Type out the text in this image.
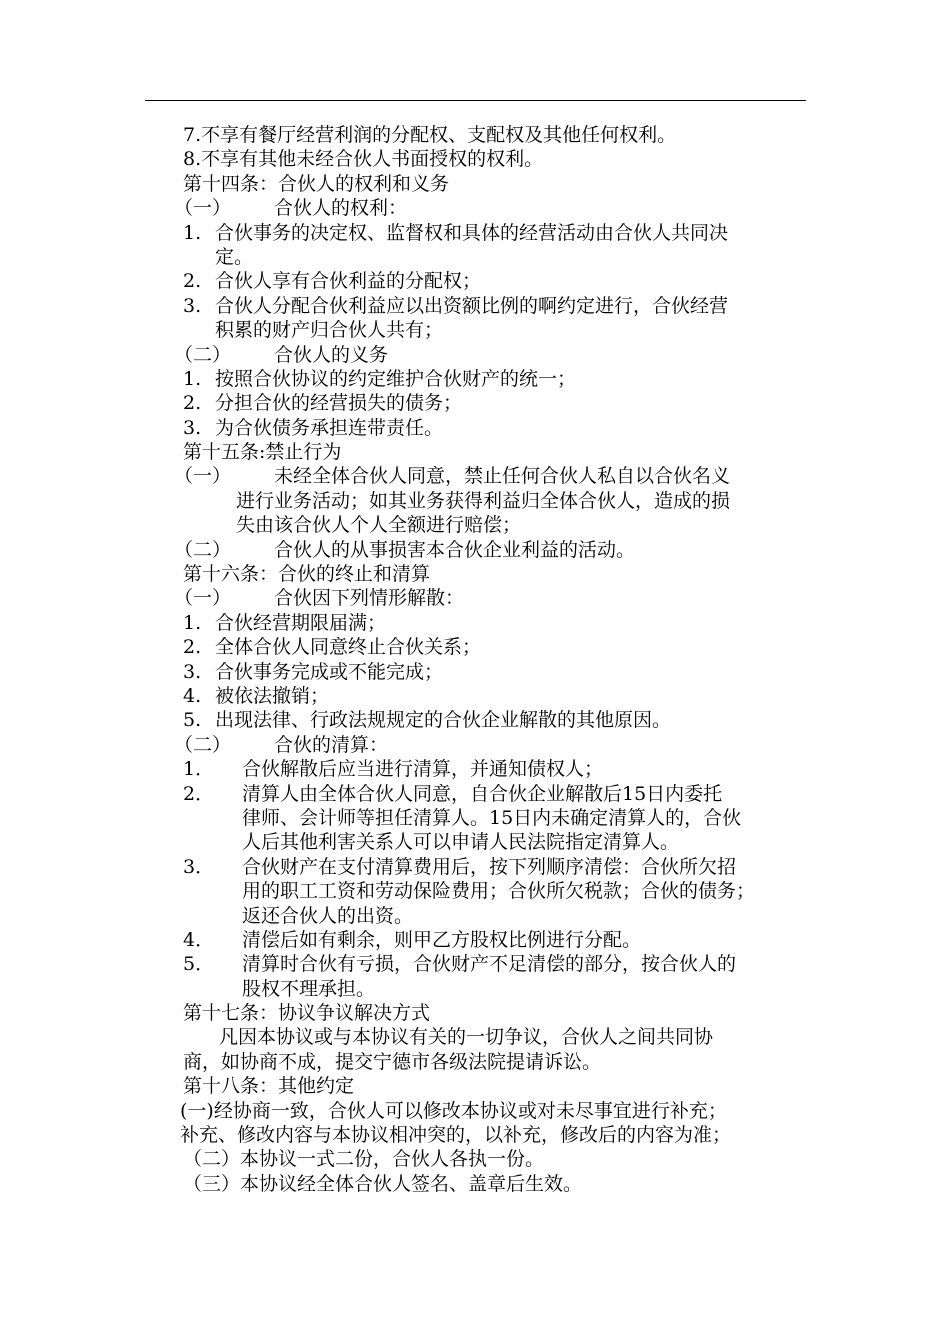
7.不享有餐厅经营利润的分配权、支配权及其他任何权利。
8.不享有其他未经合伙人书面授权的权利。
第十四条：合伙人的权利和义务
（一） 合伙人的权利：
1. 合伙事务的决定权、监督权和具体的经营活动由合伙人共同决
定。
2. 合伙人享有合伙利益的分配权；
3. 合伙人分配合伙利益应以出资额比例的啊约定进行，合伙经营
积累的财产归合伙人共有；
（二） 合伙人的义务
1. 按照合伙协议的约定维护合伙财产的统一；
2. 分担合伙的经营损失的债务；
3. 为合伙债务承担连带责任。
第十五条:禁止行为
（一） 未经全体合伙人同意，禁止任何合伙人私自以合伙名义
进行业务活动；如其业务获得利益归全体合伙人，造成的损
失由该合伙人个人全额进行赔偿；
（二） 合伙人的从事损害本合伙企业利益的活动。
第十六条：合伙的终止和清算
（一） 合伙因下列情形解散：
1. 合伙经营期限届满；
2. 全体合伙人同意终止合伙关系；
3. 合伙事务完成或不能完成；
4. 被依法撤销；
5. 出现法律、行政法规规定的合伙企业解散的其他原因。
（二） 合伙的清算：
1． 合伙解散后应当进行清算，并通知债权人；
2． 清算人由全体合伙人同意，自合伙企业解散后15日内委托
律师、会计师等担任清算人。15日内未确定清算人的，合伙
人后其他利害关系人可以申请人民法院指定清算人。
3． 合伙财产在支付清算费用后，按下列顺序清偿：合伙所欠招
用的职工工资和劳动保险费用；合伙所欠税款；合伙的债务；
返还合伙人的出资。
4． 清偿后如有剩余，则甲乙方股权比例进行分配。
5． 清算时合伙有亏损，合伙财产不足清偿的部分，按合伙人的
股权不理承担。
第十七条：协议争议解决方式
凡因本协议或与本协议有关的一切争议，合伙人之间共同协
商，如协商不成，提交宁德市各级法院提请诉讼。
第十八条：其他约定
(一)经协商一致，合伙人可以修改本协议或对未尽事宜进行补充；
补充、修改内容与本协议相冲突的，以补充，修改后的内容为准；
（二）本协议一式二份，合伙人各执一份。
（三）本协议经全体合伙人签名、盖章后生效。
